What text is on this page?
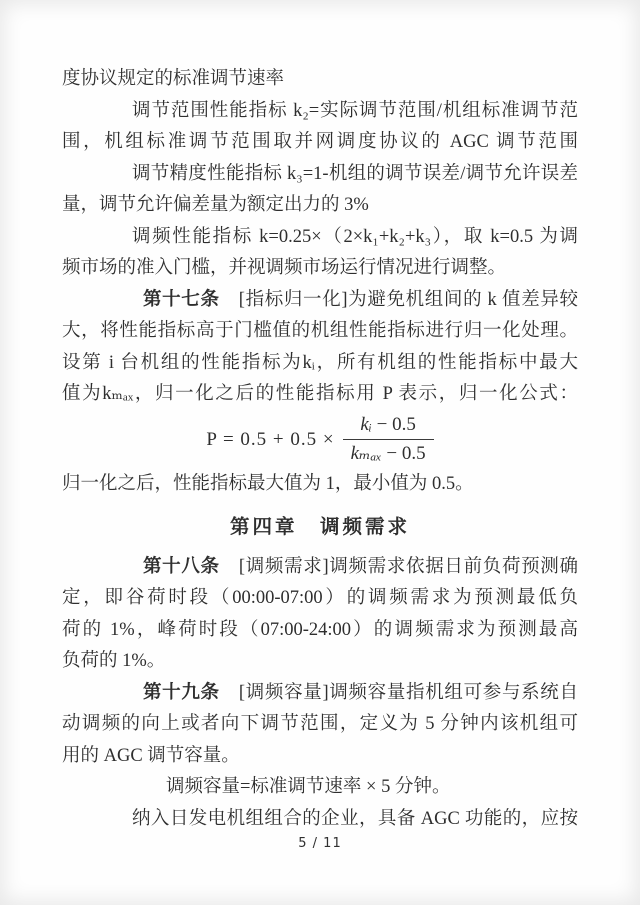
度协议规定的标准调节速率
调节范围性能指标 k₂=实际调节范围/机组标准调节范
围，机组标准调节范围取并网调度协议的 AGC 调节范围
调节精度性能指标 k₃=1-机组的调节误差/调节允许误差
量，调节允许偏差量为额定出力的 3%
调频性能指标 k=0.25×（2×k₁+k₂+k₃），取 k=0.5 为调
频市场的准入门槛，并视调频市场运行情况进行调整。
第十七条　[指标归一化]为避免机组间的 k 值差异较
大，将性能指标高于门槛值的机组性能指标进行归一化处理。
设第 i 台机组的性能指标为kᵢ，所有机组的性能指标中最大
值为kₘₐₓ，归一化之后的性能指标用 P 表示，归一化公式：
$P = 0.5 + 0.5 \times \frac{\text{kᵢ − 0.5}}{\text{kₘₐₓ − 0.5}}$
归一化之后，性能指标最大值为 1，最小值为 0.5。
第四章　调频需求
第十八条　[调频需求]调频需求依据日前负荷预测确
定，即谷荷时段（00:00-07:00）的调频需求为预测最低负
荷的 1%，峰荷时段（07:00-24:00）的调频需求为预测最高
负荷的 1%。
第十九条　[调频容量]调频容量指机组可参与系统自
动调频的向上或者向下调节范围，定义为 5 分钟内该机组可
用的 AGC 调节容量。
调频容量=标准调节速率 × 5 分钟。
纳入日发电机组组合的企业，具备 AGC 功能的，应按
5 / 11
